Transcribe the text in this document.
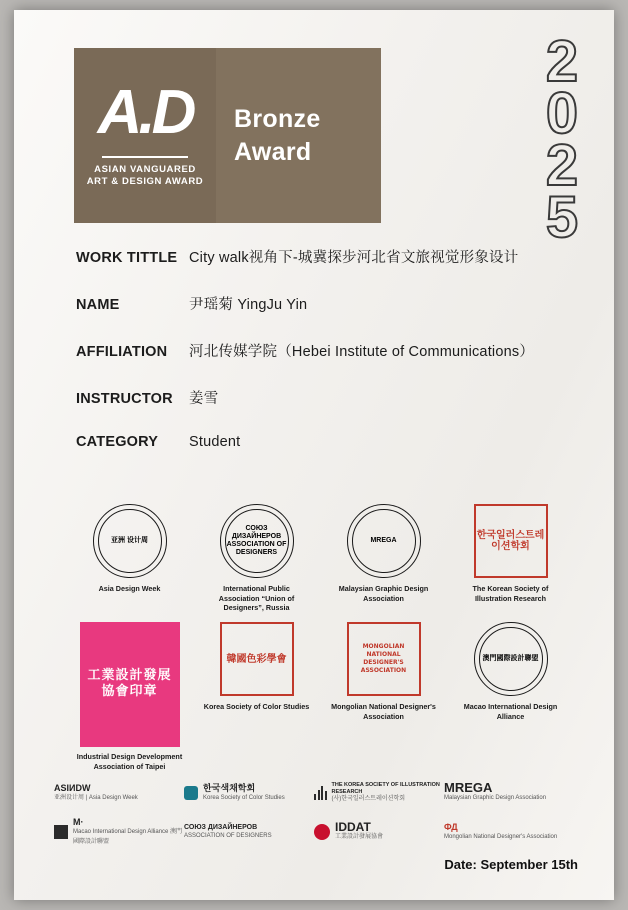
2
0
2
5
A.D
ASIAN VANGUARED
ART & DESIGN AWARD
Bronze
Award
WORK TITTLE City walk视角下-城冀探步河北省文旅视觉形象设计
NAME	尹瑶菊 YingJu Yin
AFFILIATION	河北传媒学院（Hebei Institute of Communications）
INSTRUCTOR	姜雪
CATEGORY	Student
亚洲 设计周
Asia Design Week
СОЮЗ ДИЗАЙНЕРОВ ASSOCIATION OF DESIGNERS
International Public Association “Union of Designers”, Russia
MREGA
Malaysian Graphic Design Association
한국일러스트레이션학회
The Korean Society of Illustration Research
工業設計發展 協會印章
Industrial Design Development Association of Taipei
韓國色彩學會
Korea Society of Color Studies
MONGOLIAN NATIONAL DESIGNER'S ASSOCIATION
Mongolian National Designer's Association
澳門國際設計聯盟
Macao International Design Alliance
АSIИDW
亚洲设计周 | Asia Design Week
한국색채학회
Korea Society of Color Studies
THE KOREA SOCIETY OF ILLUSTRATION RESEARCH
(사)한국일러스트레이션학회
MREGA
Malaysian Graphic Design Association
M·
Macao International Design Alliance 澳門國際設計聯盟
СОЮЗ ДИЗАЙНЕРОВ
ASSOCIATION OF DESIGNERS
IDDAT
工業設計發展協會
ФД
Mongolian National Designer's Association
Date: September 15th
